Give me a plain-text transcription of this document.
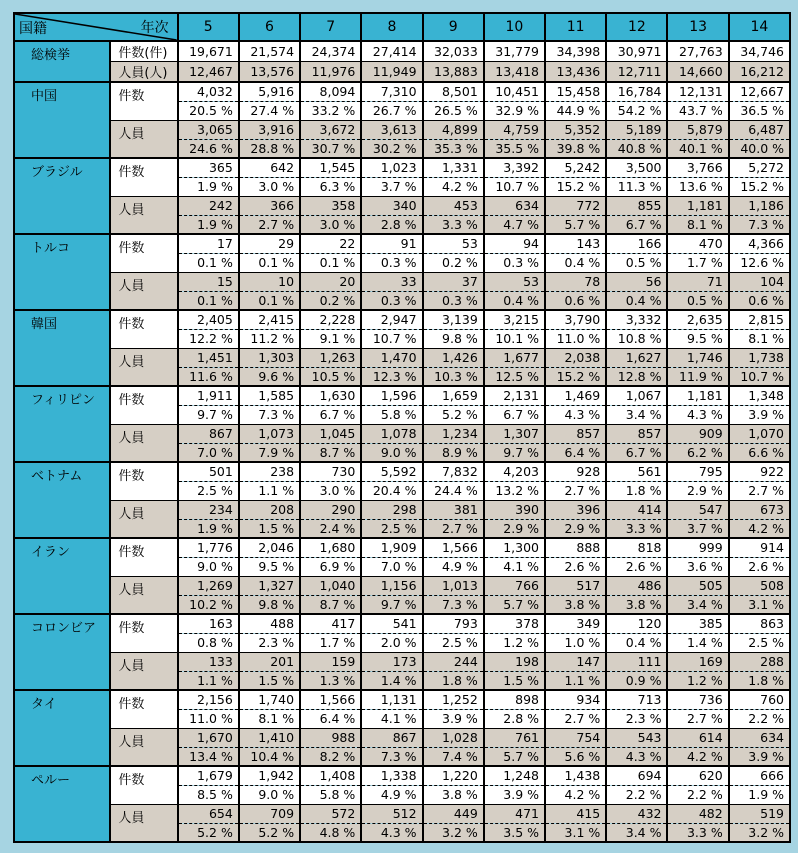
年次
国籍		5	6	7	8	9	10	11	12	13	14
総検挙	件数(件)	19,671	21,574	24,374	27,414	32,033	31,779	34,398	30,971	27,763	34,746
	人員(人)	12,467	13,576	11,976	11,949	13,883	13,418	13,436	12,711	14,660	16,212
中国	件数	4,032	5,916	8,094	7,310	8,501	10,451	15,458	16,784	12,131	12,667
		20.5 %	27.4 %	33.2 %	26.7 %	26.5 %	32.9 %	44.9 %	54.2 %	43.7 %	36.5 %
	人員	3,065	3,916	3,672	3,613	4,899	4,759	5,352	5,189	5,879	6,487
		24.6 %	28.8 %	30.7 %	30.2 %	35.3 %	35.5 %	39.8 %	40.8 %	40.1 %	40.0 %
ブラジル	件数	365	642	1,545	1,023	1,331	3,392	5,242	3,500	3,766	5,272
		1.9 %	3.0 %	6.3 %	3.7 %	4.2 %	10.7 %	15.2 %	11.3 %	13.6 %	15.2 %
	人員	242	366	358	340	453	634	772	855	1,181	1,186
		1.9 %	2.7 %	3.0 %	2.8 %	3.3 %	4.7 %	5.7 %	6.7 %	8.1 %	7.3 %
トルコ	件数	17	29	22	91	53	94	143	166	470	4,366
		0.1 %	0.1 %	0.1 %	0.3 %	0.2 %	0.3 %	0.4 %	0.5 %	1.7 %	12.6 %
	人員	15	10	20	33	37	53	78	56	71	104
		0.1 %	0.1 %	0.2 %	0.3 %	0.3 %	0.4 %	0.6 %	0.4 %	0.5 %	0.6 %
韓国	件数	2,405	2,415	2,228	2,947	3,139	3,215	3,790	3,332	2,635	2,815
		12.2 %	11.2 %	9.1 %	10.7 %	9.8 %	10.1 %	11.0 %	10.8 %	9.5 %	8.1 %
	人員	1,451	1,303	1,263	1,470	1,426	1,677	2,038	1,627	1,746	1,738
		11.6 %	9.6 %	10.5 %	12.3 %	10.3 %	12.5 %	15.2 %	12.8 %	11.9 %	10.7 %
フィリピン	件数	1,911	1,585	1,630	1,596	1,659	2,131	1,469	1,067	1,181	1,348
		9.7 %	7.3 %	6.7 %	5.8 %	5.2 %	6.7 %	4.3 %	3.4 %	4.3 %	3.9 %
	人員	867	1,073	1,045	1,078	1,234	1,307	857	857	909	1,070
		7.0 %	7.9 %	8.7 %	9.0 %	8.9 %	9.7 %	6.4 %	6.7 %	6.2 %	6.6 %
ベトナム	件数	501	238	730	5,592	7,832	4,203	928	561	795	922
		2.5 %	1.1 %	3.0 %	20.4 %	24.4 %	13.2 %	2.7 %	1.8 %	2.9 %	2.7 %
	人員	234	208	290	298	381	390	396	414	547	673
		1.9 %	1.5 %	2.4 %	2.5 %	2.7 %	2.9 %	2.9 %	3.3 %	3.7 %	4.2 %
イラン	件数	1,776	2,046	1,680	1,909	1,566	1,300	888	818	999	914
		9.0 %	9.5 %	6.9 %	7.0 %	4.9 %	4.1 %	2.6 %	2.6 %	3.6 %	2.6 %
	人員	1,269	1,327	1,040	1,156	1,013	766	517	486	505	508
		10.2 %	9.8 %	8.7 %	9.7 %	7.3 %	5.7 %	3.8 %	3.8 %	3.4 %	3.1 %
コロンビア	件数	163	488	417	541	793	378	349	120	385	863
		0.8 %	2.3 %	1.7 %	2.0 %	2.5 %	1.2 %	1.0 %	0.4 %	1.4 %	2.5 %
	人員	133	201	159	173	244	198	147	111	169	288
		1.1 %	1.5 %	1.3 %	1.4 %	1.8 %	1.5 %	1.1 %	0.9 %	1.2 %	1.8 %
タイ	件数	2,156	1,740	1,566	1,131	1,252	898	934	713	736	760
		11.0 %	8.1 %	6.4 %	4.1 %	3.9 %	2.8 %	2.7 %	2.3 %	2.7 %	2.2 %
	人員	1,670	1,410	988	867	1,028	761	754	543	614	634
		13.4 %	10.4 %	8.2 %	7.3 %	7.4 %	5.7 %	5.6 %	4.3 %	4.2 %	3.9 %
ペルー	件数	1,679	1,942	1,408	1,338	1,220	1,248	1,438	694	620	666
		8.5 %	9.0 %	5.8 %	4.9 %	3.8 %	3.9 %	4.2 %	2.2 %	2.2 %	1.9 %
	人員	654	709	572	512	449	471	415	432	482	519
		5.2 %	5.2 %	4.8 %	4.3 %	3.2 %	3.5 %	3.1 %	3.4 %	3.3 %	3.2 %
